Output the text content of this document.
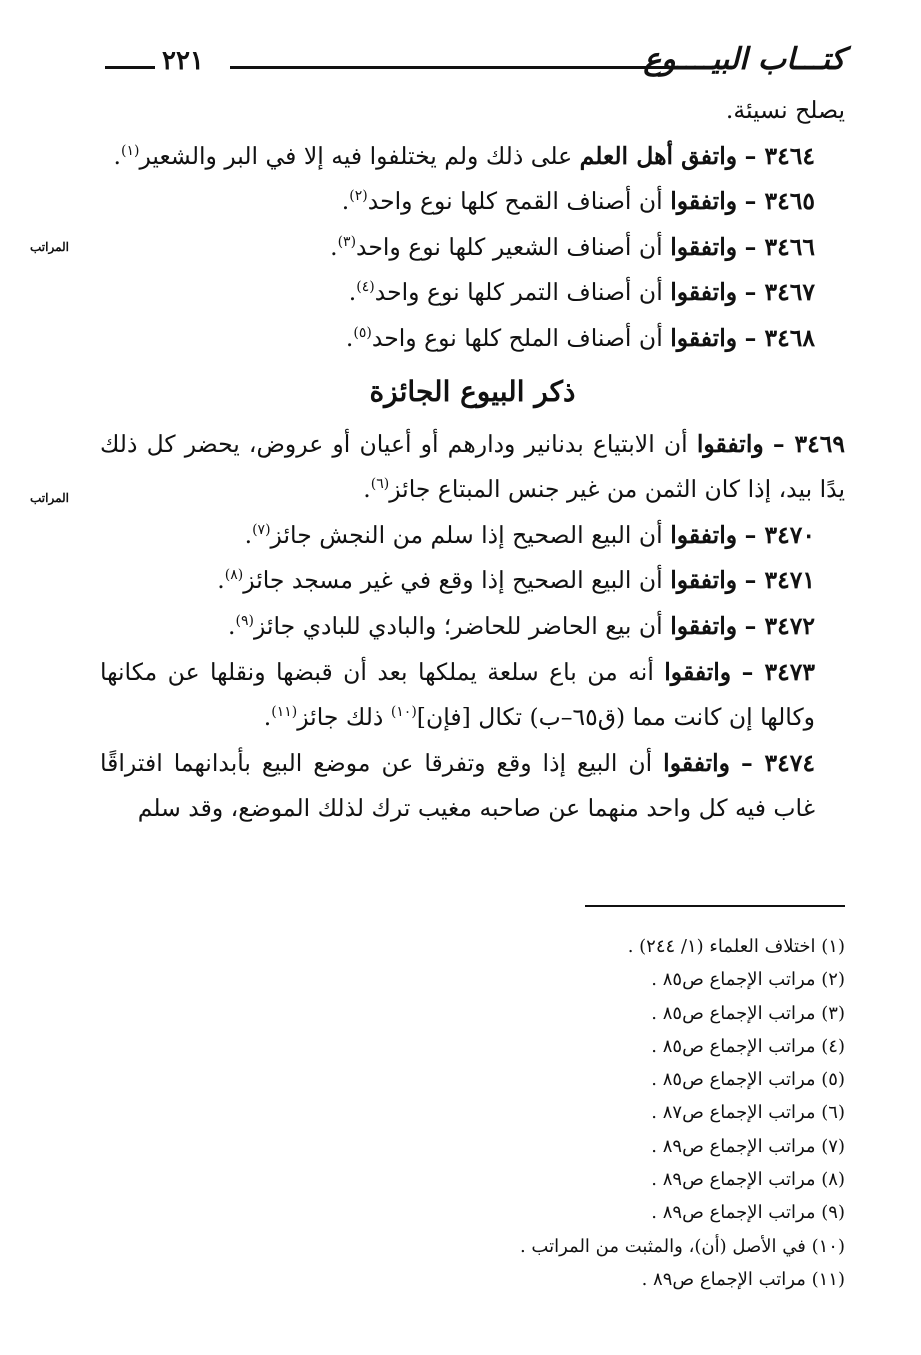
٢٢١	كتـــاب البيــــوع
المراتب
المراتب

يصلح نسيئة.

٣٤٦٤ – واتفق أهل العلم على ذلك ولم يختلفوا فيه إلا في البر والشعير$^{(١)}$.

٣٤٦٥ – واتفقوا أن أصناف القمح كلها نوع واحد$^{(٢)}$.

٣٤٦٦ – واتفقوا أن أصناف الشعير كلها نوع واحد$^{(٣)}$.

٣٤٦٧ – واتفقوا أن أصناف التمر كلها نوع واحد$^{(٤)}$.

٣٤٦٨ – واتفقوا أن أصناف الملح كلها نوع واحد$^{(٥)}$.

ذكر البيوع الجائزة

٣٤٦٩ – واتفقوا أن الابتياع بدنانير ودارهم أو أعيان أو عروض، يحضر كل ذلك يدًا بيد، إذا كان الثمن من غير جنس المبتاع جائز$^{(٦)}$.

٣٤٧٠ – واتفقوا أن البيع الصحيح إذا سلم من النجش جائز$^{(٧)}$.

٣٤٧١ – واتفقوا أن البيع الصحيح إذا وقع في غير مسجد جائز$^{(٨)}$.

٣٤٧٢ – واتفقوا أن بيع الحاضر للحاضر؛ والبادي للبادي جائز$^{(٩)}$.

٣٤٧٣ – واتفقوا أنه من باع سلعة يملكها بعد أن قبضها ونقلها عن مكانها وكالها إن كانت مما (ق٦٥–ب) تكال [فإن]$^{(١٠)}$ ذلك جائز$^{(١١)}$.

٣٤٧٤ – واتفقوا أن البيع إذا وقع وتفرقا عن موضع البيع بأبدانهما افتراقًا غاب فيه كل واحد منهما عن صاحبه مغيب ترك لذلك الموضع، وقد سلم

(١) اختلاف العلماء (١/ ٢٤٤) .
(٢) مراتب الإجماع ص٨٥ .
(٣) مراتب الإجماع ص٨٥ .
(٤) مراتب الإجماع ص٨٥ .
(٥) مراتب الإجماع ص٨٥ .
(٦) مراتب الإجماع ص٨٧ .
(٧) مراتب الإجماع ص٨٩ .
(٨) مراتب الإجماع ص٨٩ .
(٩) مراتب الإجماع ص٨٩ .
(١٠) في الأصل (أن)، والمثبت من المراتب .
(١١) مراتب الإجماع ص٨٩ .
